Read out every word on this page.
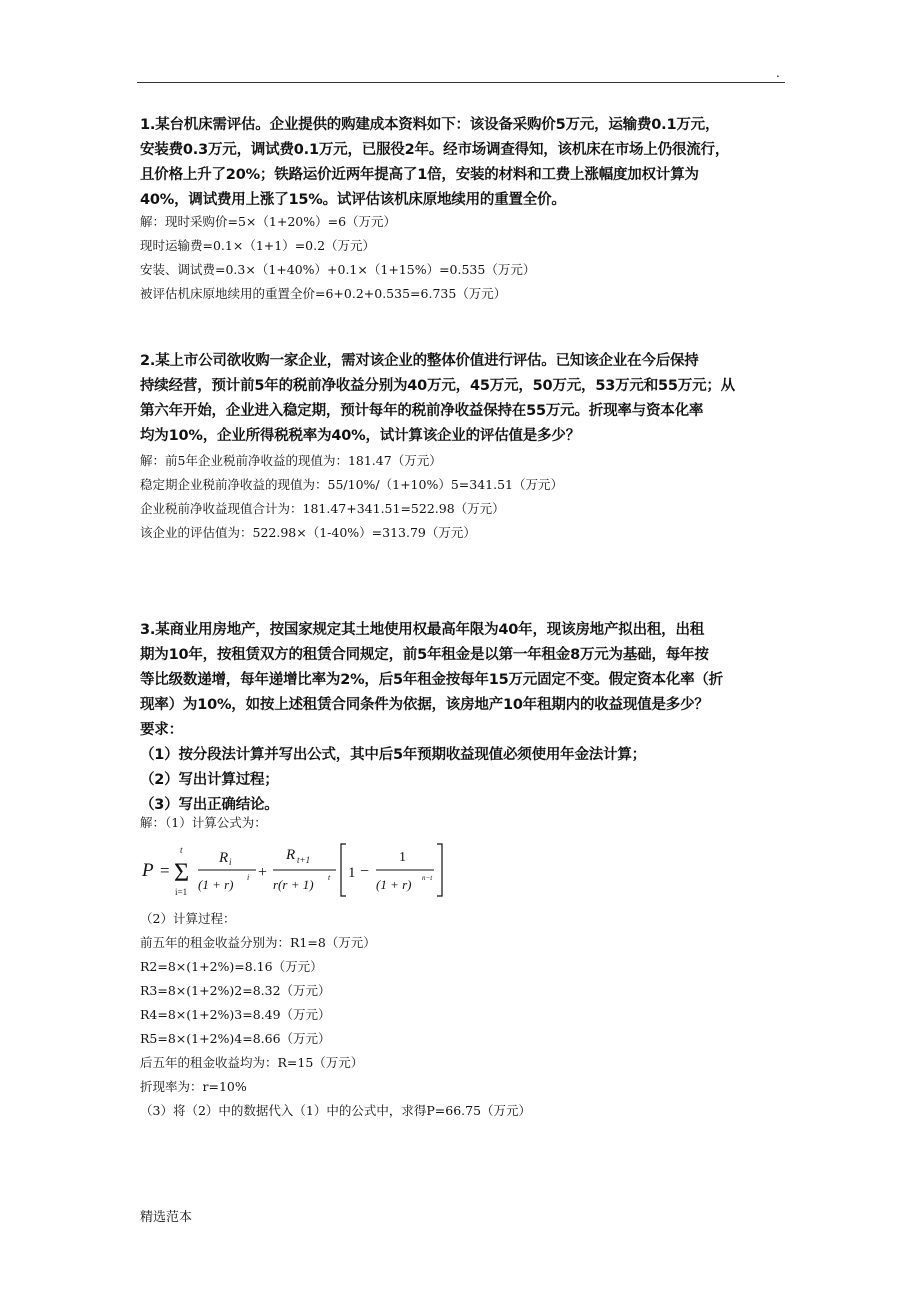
.

1.某台机床需评估。企业提供的购建成本资料如下：该设备采购价5万元，运输费0.1万元，

安装费0.3万元，调试费0.1万元，已服役2年。经市场调查得知，该机床在市场上仍很流行，

且价格上升了20%；铁路运价近两年提高了1倍，安装的材料和工费上涨幅度加权计算为

40%，调试费用上涨了15%。试评估该机床原地续用的重置全价。

解：现时采购价=5×（1+20%）=6（万元）

现时运输费=0.1×（1+1）=0.2（万元）

安装、调试费=0.3×（1+40%）+0.1×（1+15%）=0.535（万元）

被评估机床原地续用的重置全价=6+0.2+0.535=6.735（万元）

2.某上市公司欲收购一家企业，需对该企业的整体价值进行评估。已知该企业在今后保持

持续经营，预计前5年的税前净收益分别为40万元，45万元，50万元，53万元和55万元；从

第六年开始，企业进入稳定期，预计每年的税前净收益保持在55万元。折现率与资本化率

均为10%，企业所得税税率为40%，试计算该企业的评估值是多少？

解：前5年企业税前净收益的现值为：181.47（万元）

稳定期企业税前净收益的现值为：55/10%/（1+10%）5=341.51（万元）

企业税前净收益现值合计为：181.47+341.51=522.98（万元）

该企业的评估值为：522.98×（1-40%）=313.79（万元）

3.某商业用房地产，按国家规定其土地使用权最高年限为40年，现该房地产拟出租，出租

期为10年，按租赁双方的租赁合同规定，前5年租金是以第一年租金8万元为基础，每年按

等比级数递增，每年递增比率为2%，后5年租金按每年15万元固定不变。假定资本化率（折

现率）为10%，如按上述租赁合同条件为依据，该房地产10年租期内的收益现值是多少？

要求：

（1）按分段法计算并写出公式，其中后5年预期收益现值必须使用年金法计算；

（2）写出计算过程；

（3）写出正确结论。

解：（1）计算公式为：

P =
t
Σ
i=1
R i
(1 + r) i +
R t+1
r(r + 1) t 1 −
1
(1 + r) n−t

（2）计算过程：

前五年的租金收益分别为：R1=8（万元）

R2=8×(1+2%)=8.16（万元）

R3=8×(1+2%)2=8.32（万元）

R4=8×(1+2%)3=8.49（万元）

R5=8×(1+2%)4=8.66（万元）

后五年的租金收益均为：R=15（万元）

折现率为：r=10%

（3）将（2）中的数据代入（1）中的公式中，求得P=66.75（万元）

精选范本
